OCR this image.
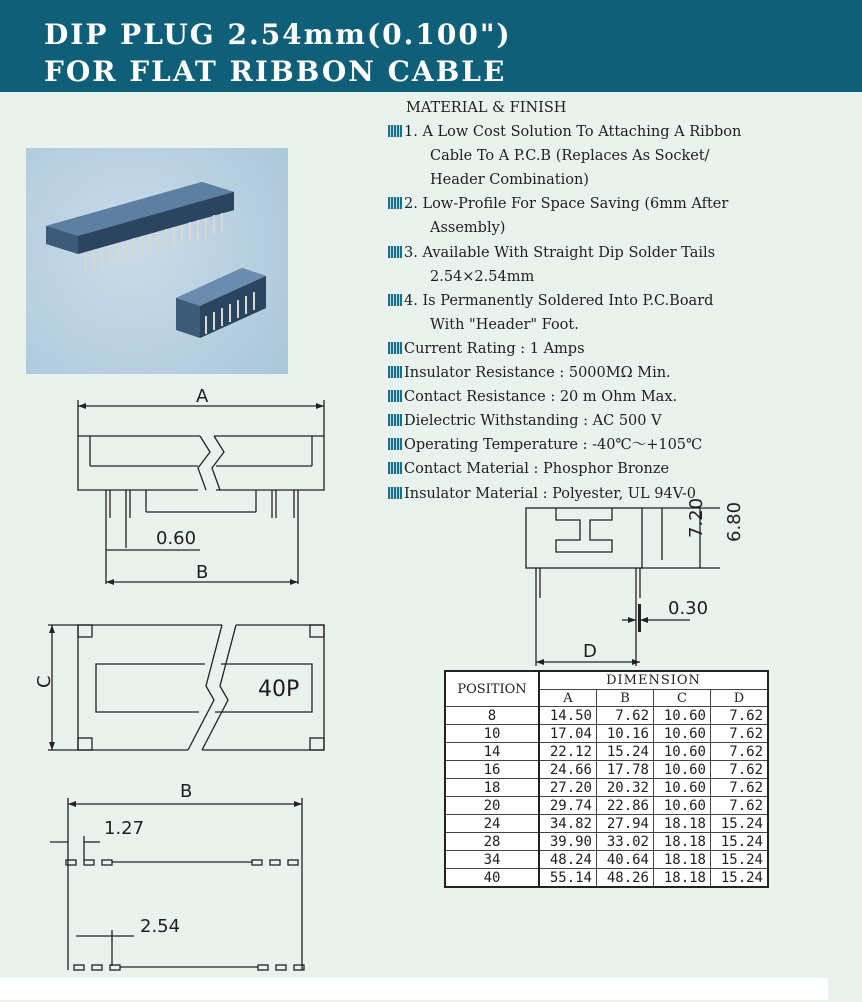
DIP PLUG 2.54mm(0.100")
FOR FLAT RIBBON CABLE
MATERIAL & FINISH
1. A Low Cost Solution To Attaching A Ribbon
Cable To A P.C.B (Replaces As Socket/
Header Combination)
2. Low-Profile For Space Saving (6mm After
Assembly)
3. Available With Straight Dip Solder Tails
2.54×2.54mm
4. Is Permanently Soldered Into P.C.Board
With "Header" Foot.
Current Rating : 1 Amps
Insulator Resistance : 5000MΩ Min.
Contact Resistance : 20 m Ohm Max.
Dielectric Withstanding : AC 500 V
Operating Temperature : -40℃～+105℃
Contact Material : Phosphor Bronze
Insulator Material : Polyester, UL 94V-0
A
0.60
B
C	40P
B
1.27
2.54
D
0.30
7.20 6.80
POSITION	DIMENSION			
	A	B	C	D
8	14.50	7.62	10.60	7.62
10	17.04	10.16	10.60	7.62
14	22.12	15.24	10.60	7.62
16	24.66	17.78	10.60	7.62
18	27.20	20.32	10.60	7.62
20	29.74	22.86	10.60	7.62
24	34.82	27.94	18.18	15.24
28	39.90	33.02	18.18	15.24
34	48.24	40.64	18.18	15.24
40	55.14	48.26	18.18	15.24
